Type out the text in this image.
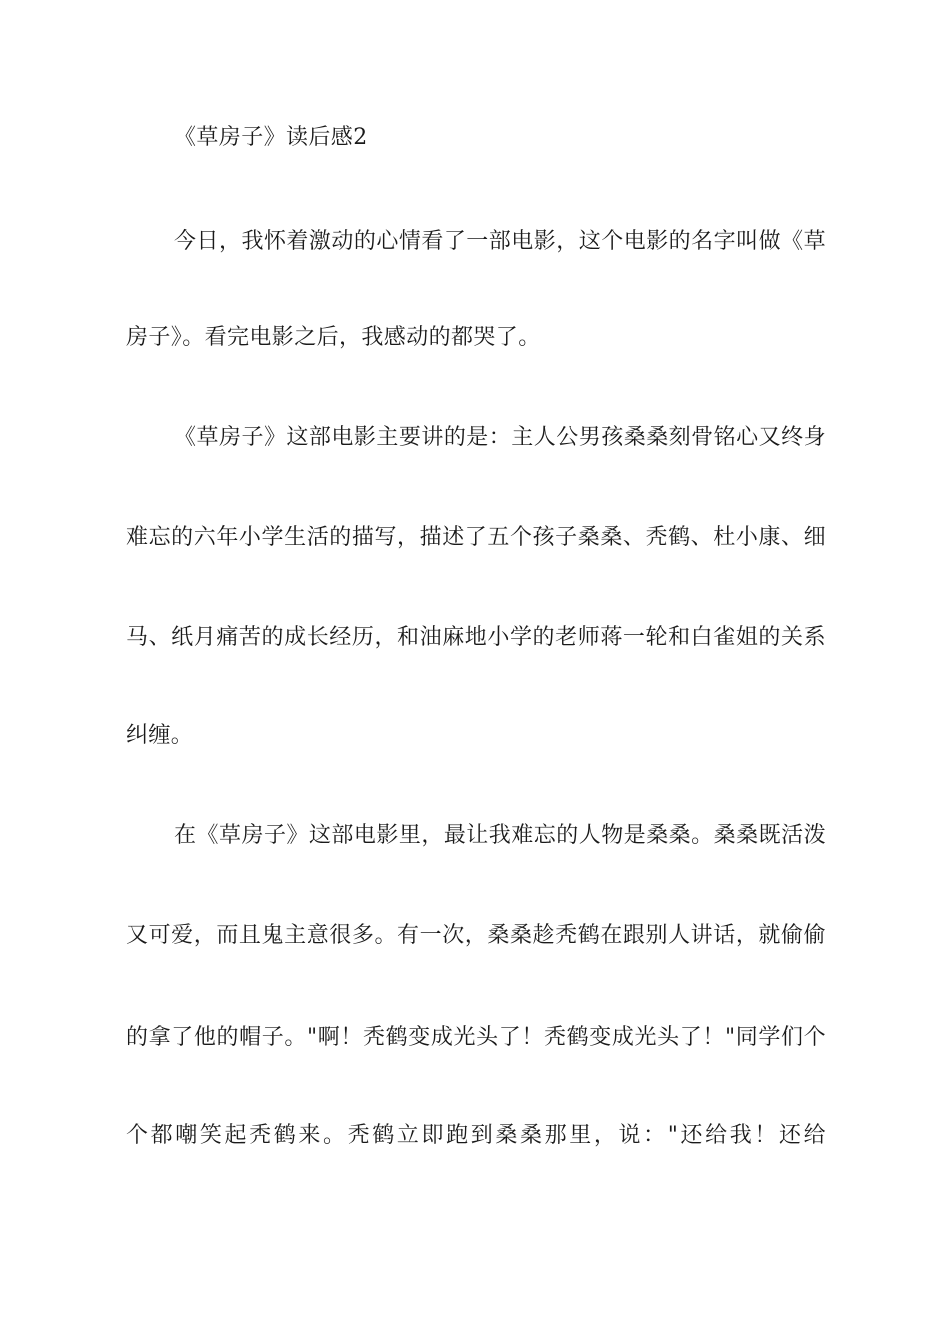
《草房子》读后感2
今日，我怀着激动的心情看了一部电影，这个电影的名字叫做《草
房子》。看完电影之后，我感动的都哭了。
《草房子》这部电影主要讲的是：主人公男孩桑桑刻骨铭心又终身
难忘的六年小学生活的描写，描述了五个孩子桑桑、秃鹤、杜小康、细
马、纸月痛苦的成长经历，和油麻地小学的老师蒋一轮和白雀姐的关系
纠缠。
在《草房子》这部电影里，最让我难忘的人物是桑桑。桑桑既活泼
又可爱，而且鬼主意很多。有一次，桑桑趁秃鹤在跟别人讲话，就偷偷
的拿了他的帽子。"啊！秃鹤变成光头了！秃鹤变成光头了！"同学们个
个都嘲笑起秃鹤来。秃鹤立即跑到桑桑那里，说："还给我！还给
